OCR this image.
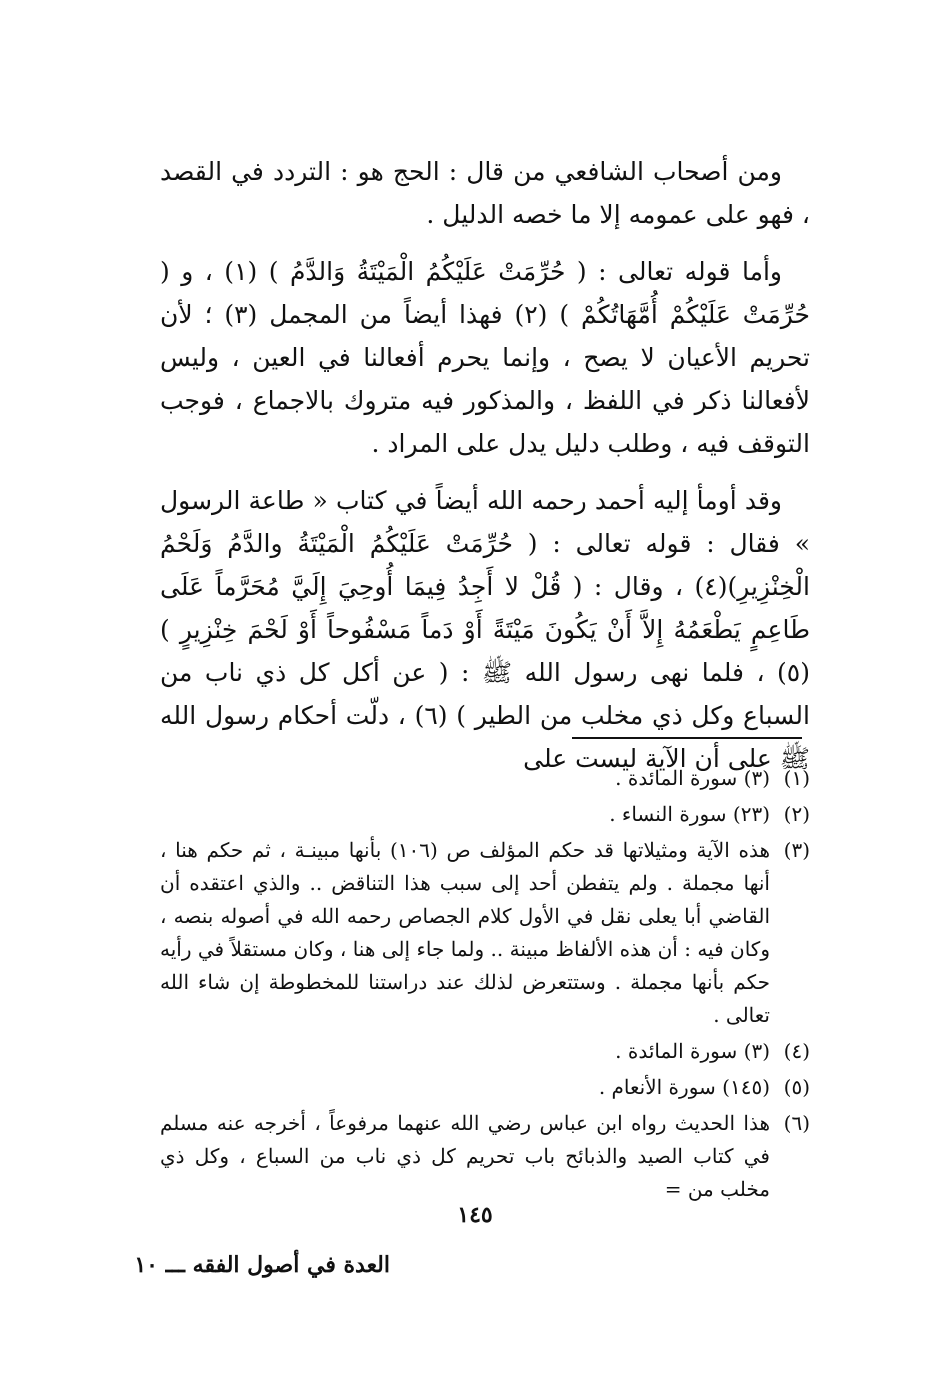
ومن أصحاب الشافعي من قال : الحج هو : التردد في القصد ، فهو على عمومه إلا ما خصه الدليل .

وأما قوله تعالى : ( حُرِّمَتْ عَلَيْكُمُ الْمَيْتَةُ وَالدَّمُ ) (١) ، و ( حُرِّمَتْ عَلَيْكُمْ أُمَّهَاتُكُمْ ) (٢) فهذا أيضاً من المجمل (٣) ؛ لأن تحريم الأعيان لا يصح ، وإنما يحرم أفعالنا في العين ، وليس لأفعالنا ذكر في اللفظ ، والمذكور فيه متروك بالاجماع ، فوجب التوقف فيه ، وطلب دليل يدل على المراد .

وقد أومأ إليه أحمد رحمه الله أيضاً في كتاب « طاعة الرسول » فقال : قوله تعالى : ( حُرِّمَتْ عَلَيْكُمُ الْمَيْتَةُ والدَّمُ وَلَحْمُ الْخِنْزِيرِ)(٤) ، وقال : ( قُلْ لا أَجِدُ فِيمَا أُوحِيَ إِلَيَّ مُحَرَّماً عَلَى طَاعِمٍ يَطْعَمُهُ إِلاَّ أَنْ يَكُونَ مَيْتَةً أَوْ دَماً مَسْفُوحاً أَوْ لَحْمَ خِنْزِيرٍ ) (٥) ، فلما نهى رسول الله ﷺ : ( عن أكل كل ذي ناب من السباع وكل ذي مخلب من الطير ) (٦) ، دلّت أحكام رسول الله ﷺ على أن الآية ليست على

(١)
(٣) سورة المائدة .
(٢)
(٢٣) سورة النساء .
(٣)
هذه الآية ومثيلاتها قد حكم المؤلف ص (١٠٦) بأنها مبينـة ، ثم حكم هنا ، أنها مجملة . ولم يتفطن أحد إلى سبب هذا التناقض .. والذي اعتقده أن القاضي أبا يعلى نقل في الأول كلام الجصاص رحمه الله في أصوله بنصه ، وكان فيه : أن هذه الألفاظ مبينة .. ولما جاء إلى هنا ، وكان مستقلاً في رأيه حكم بأنها مجملة . وستتعرض لذلك عند دراستنا للمخطوطة إن شاء الله تعالى .
(٤)
(٣) سورة المائدة .
(٥)
(١٤٥) سورة الأنعام .
(٦)
هذا الحديث رواه ابن عباس رضي الله عنهما مرفوعاً ، أخرجه عنه مسلم في كتاب الصيد والذبائح باب تحريم كل ذي ناب من السباع ، وكل ذي مخلب من =
١٤٥
العدة في أصول الفقه ـــ ١٠
